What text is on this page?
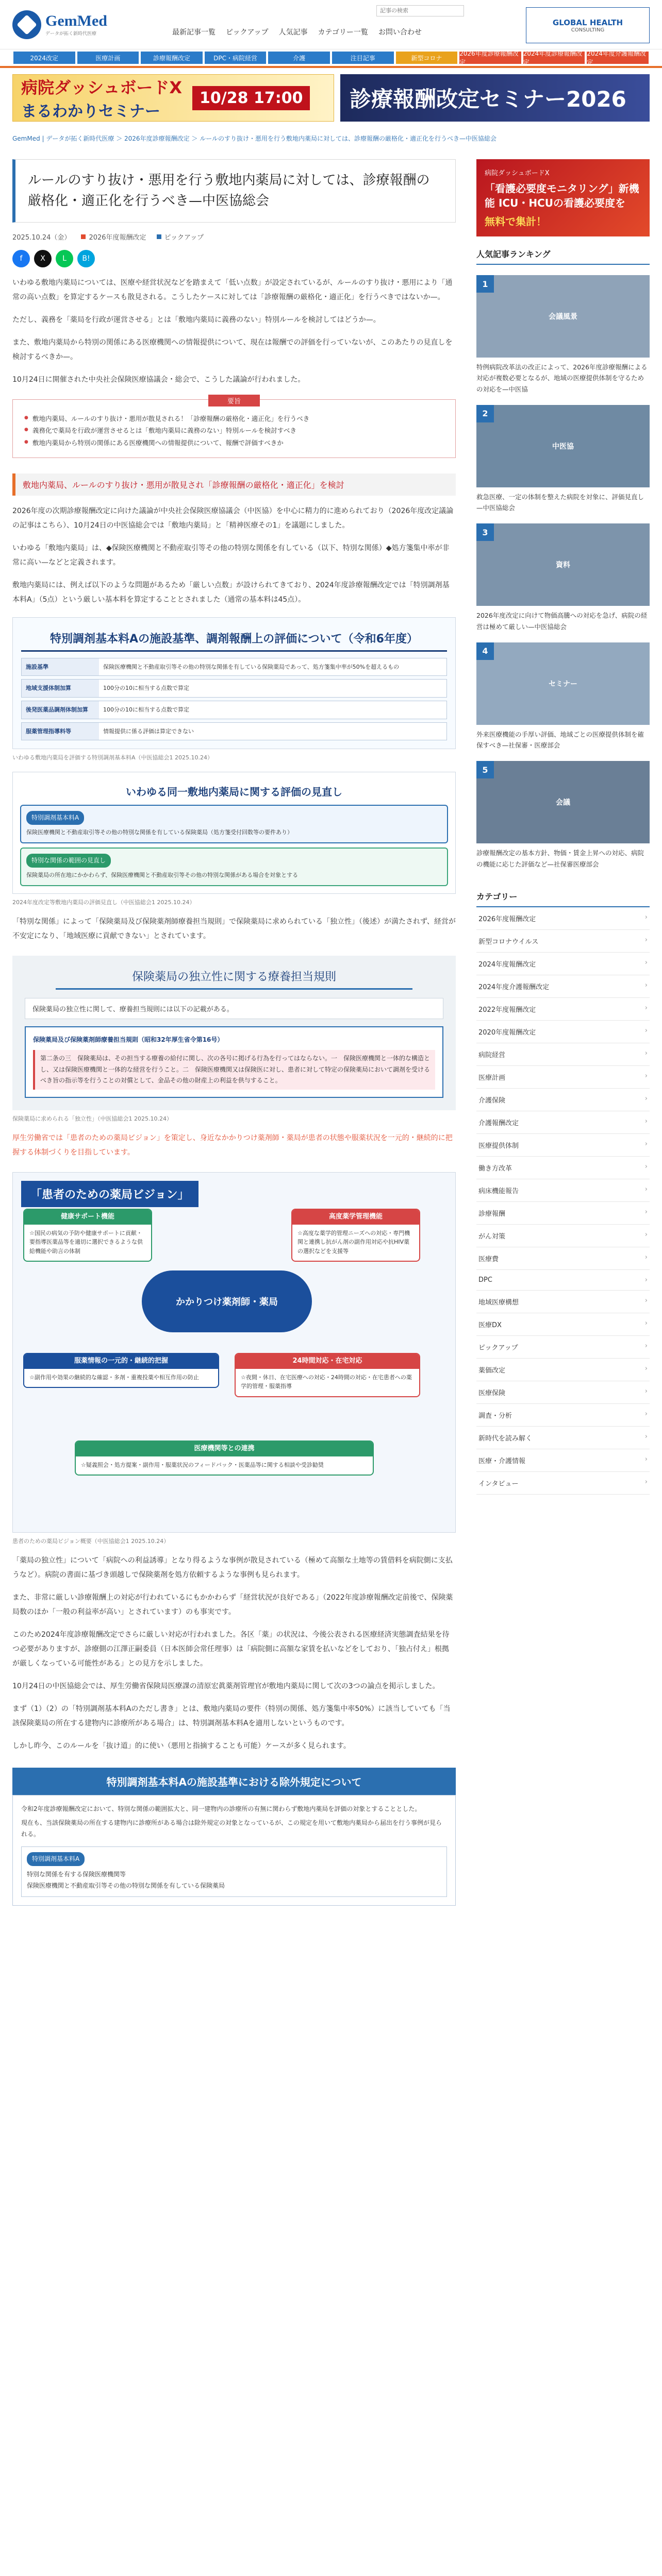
GemMed
データが拓く新時代医療
記事の検索	最新記事一覧 ピックアップ 人気記事 カテゴリー一覧 お問い合わせ
GLOBAL HEALTH
CONSULTING
2024改定	医療計画	診療報酬改定	DPC・病院経営	介護	注目記事	新型コロナ
2026年度診療報酬改定
2024年度診療報酬改定
2024年度介護報酬改定
病院ダッシュボードX
まるわかりセミナー
10/28 17:00	診療報酬改定セミナー2026
GemMed | データが拓く新時代医療 ＞ 2026年度診療報酬改定 ＞ ルールのすり抜け・悪用を行う敷地内薬局に対しては、診療報酬の厳格化・適正化を行うべき—中医協総会
ルールのすり抜け・悪用を行う敷地内薬局に対しては、診療報酬の厳格化・適正化を行うべき—中医協総会
2025.10.24（金）	2026年度報酬改定	ピックアップ
f	X	L	B!

いわゆる敷地内薬局については、医療や経営状況などを踏まえて「低い点数」が設定されているが、ルールのすり抜け・悪用により「通常の高い点数」を算定するケースも散見される。こうしたケースに対しては「診療報酬の厳格化・適正化」を行うべきではないか—。

ただし、義務を「薬局を行政が運営させる」とは「敷地内薬局に義務のない」特別ルールを検討してはどうか—。

また、敷地内薬局から特別の関係にある医療機関への情報提供について、現在は報酬での評価を行っていないが、このあたりの見直しを検討するべきか—。

10月24日に開催された中央社会保険医療協議会・総会で、こうした議論が行われました。

要旨
● 敷地内薬局、ルールのすり抜け・悪用が散見される！「診療報酬の厳格化・適正化」を行うべき
● 義務化で薬局を行政が運営させるとは「敷地内薬局に義務のない」特別ルールを検討すべき
● 敷地内薬局から特別の関係にある医療機関への情報提供について、報酬で評価すべきか
敷地内薬局、ルールのすり抜け・悪用が散見され「診療報酬の厳格化・適正化」を検討

2026年度の次期診療報酬改定に向けた議論が中央社会保険医療協議会（中医協）を中心に精力的に進められており（2026年度改定議論の記事はこちら）、10月24日の中医協総会では「敷地内薬局」と「精神医療その1」を議題にしました。

いわゆる「敷地内薬局」は、◆保険医療機関と不動産取引等その他の特別な関係を有している（以下、特別な関係）◆処方箋集中率が非常に高い—などと定義されます。

敷地内薬局には、例えば以下のような問題があるため「厳しい点数」が設けられてきており、2024年度診療報酬改定では「特別調剤基本料A」（5点）という厳しい基本料を算定することとされました（通常の基本料は45点）。

特別調剤基本料Aの施設基準、調剤報酬上の評価について（令和6年度）
施設基準	保険医療機関と不動産取引等その他の特別な関係を有している保険薬局であって、処方箋集中率が50%を超えるもの
地域支援体制加算	100分の10に相当する点数で算定
後発医薬品調剤体制加算	100分の10に相当する点数で算定
服薬管理指導料等	情報提供に係る評価は算定できない
いわゆる敷地内薬局を評価する特別調剤基本料A（中医協総会1 2025.10.24）
いわゆる同一敷地内薬局に関する評価の見直し
特別調剤基本料A
保険医療機関と不動産取引等その他の特別な関係を有している保険薬局（処方箋受付回数等の要件あり）
特別な関係の範囲の見直し
保険薬局の所在地にかかわらず、保険医療機関と不動産取引等その他の特別な関係がある場合を対象とする
2024年度改定等敷地内薬局の評価見直し（中医協総会1 2025.10.24）

「特別な関係」によって「保険薬局及び保険薬剤師療養担当規則」で保険薬局に求められている「独立性」（後述）が満たされず、経営が不安定になり、「地域医療に貢献できない」とされています。

保険薬局の独立性に関する療養担当規則
保険薬局の独立性に関して、療養担当規則には以下の記載がある。
保険薬局及び保険薬剤師療養担当規則（昭和32年厚生省令第16号）
第二条の三　保険薬局は、その担当する療養の給付に関し、次の各号に掲げる行為を行ってはならない。一　保険医療機関と一体的な構造とし、又は保険医療機関と一体的な経営を行うこと。二　保険医療機関又は保険医に対し、患者に対して特定の保険薬局において調剤を受けるべき旨の指示等を行うことの対償として、金品その他の財産上の利益を供与すること。
保険薬局に求められる「独立性」（中医協総会1 2025.10.24）

厚生労働省では「患者のための薬局ビジョン」を策定し、身近なかかりつけ薬剤師・薬局が患者の状態や服薬状況を一元的・継続的に把握する体制づくりを目指しています。

「患者のための薬局ビジョン」
健康サポート機能
☆国民の病気の予防や健康サポートに貢献・要指導医薬品等を適切に選択できるような供給機能や助言の体制
高度薬学管理機能
☆高度な薬学的管理ニーズへの対応・専門機関と連携し抗がん剤の副作用対応や抗HIV薬の選択などを支援等
かかりつけ薬剤師・薬局
服薬情報の一元的・継続的把握
☆副作用や効果の継続的な確認・多剤・重複投薬や相互作用の防止
24時間対応・在宅対応
☆夜間・休日、在宅医療への対応・24時間の対応・在宅患者への薬学的管理・服薬指導
医療機関等との連携
☆疑義照会・処方提案・副作用・服薬状況のフィードバック・医薬品等に関する相談や受診勧奨
患者のための薬局ビジョン概要（中医協総会1 2025.10.24）

「薬局の独立性」について「病院への利益誘導」となり得るような事例が散見されている（極めて高額な土地等の賃借料を病院側に支払うなど）。病院の書面に基づき頭越しで保険薬剤を処方依頼するような事例も見られます。

また、非常に厳しい診療報酬上の対応が行われているにもかかわらず「経営状況が良好である」（2022年度診療報酬改定前後で、保険薬局数のほか「一般の利益率が高い」とされています）のも事実です。

このため2024年度診療報酬改定でさらに厳しい対応が行われました。各区「薬」の状況は、今後公表される医療経済実態調査結果を待つ必要がありますが、診療側の江澤正嗣委員（日本医師会常任理事）は「病院側に高額な家賃を払いなどをしており、「独占付え」根拠が厳しくなっている可能性がある」との見方を示しました。

10月24日の中医協総会では、厚生労働省保険局医療課の清原宏眞薬剤管理官が敷地内薬局に関して次の3つの論点を掲示しました。

まず（1）（2）の「特別調剤基本料Aのただし書き」とは、敷地内薬局の要件（特別の関係、処方箋集中率50%）に該当していても「当該保険薬局の所在する建物内に診療所がある場合」は、特別調剤基本料Aを適用しないというものです。

しかし昨今、このルールを「抜け道」的に使い（悪用と指摘することも可能）ケースが多く見られます。

特別調剤基本料Aの施設基準における除外規定について
令和2年度診療報酬改定において、特別な関係の範囲拡大と、同一建物内の診療所の有無に関わらず敷地内薬局を評価の対象とすることとした。
現在も、当該保険薬局の所在する建物内に診療所がある場合は除外規定の対象となっているが、この規定を用いて敷地内薬局から届出を行う事例が見られる。
特別調剤基本料A
特別な関係を有する保険医療機関等
保険医療機関と不動産取引等その他の特別な関係を有している保険薬局
病院ダッシュボードX
「看護必要度モニタリング」新機能 ICU・HCUの看護必要度を
無料で集計！
人気記事ランキング
1
会議風景
特例病院改革法の改正によって、2026年度診療報酬による対応が複数必要となるが、地域の医療提供体制を守るための対応を—中医協
2
中医協
救急医療、一定の体制を整えた病院を対象に、評価見直し—中医協総会
3
資料
2026年度改定に向けて物価高騰への対応を急げ、病院の経営は極めて厳しい—中医協総会
4
セミナー
外来医療機能の手厚い評価、地域ごとの医療提供体制を確保すべき—社保審・医療部会
5
会議
診療報酬改定の基本方針、物価・賃金上昇への対応、病院の機能に応じた評価など—社保審医療部会
カテゴリー
2026年度報酬改定 ›
新型コロナウイルス ›
2024年度報酬改定 ›
2024年度介護報酬改定 ›
2022年度報酬改定 ›
2020年度報酬改定 ›
病院経営 ›
医療計画 ›
介護保険 ›
介護報酬改定 ›
医療提供体制 ›
働き方改革 ›
病床機能報告 ›
診療報酬 ›
がん対策 ›
医療費 ›
DPC ›
地域医療構想 ›
医療DX ›
ピックアップ ›
薬価改定 ›
医療保険 ›
調査・分析 ›
新時代を読み解く ›
医療・介護情報 ›
インタビュー ›
